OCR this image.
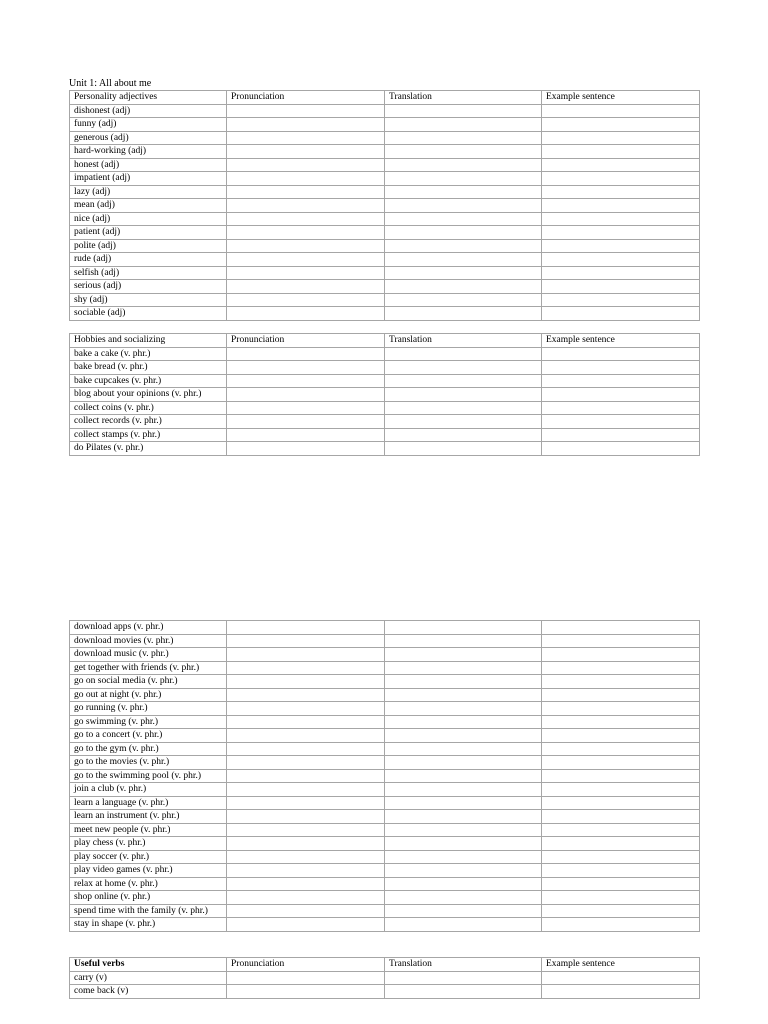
Unit 1: All about me
Personality adjectives	Pronunciation	Translation	Example sentence
dishonest (adj)			
funny (adj)			
generous (adj)			
hard-working (adj)			
honest (adj)			
impatient (adj)			
lazy (adj)			
mean (adj)			
nice (adj)			
patient (adj)			
polite (adj)			
rude (adj)			
selfish (adj)			
serious (adj)			
shy (adj)			
sociable (adj)			
Hobbies and socializing	Pronunciation	Translation	Example sentence
bake a cake (v. phr.)			
bake bread (v. phr.)			
bake cupcakes (v. phr.)			
blog about your opinions (v. phr.)			
collect coins (v. phr.)			
collect records (v. phr.)			
collect stamps (v. phr.)			
do Pilates (v. phr.)			
download apps (v. phr.)			
download movies (v. phr.)			
download music (v. phr.)			
get together with friends (v. phr.)			
go on social media (v. phr.)			
go out at night (v. phr.)			
go running (v. phr.)			
go swimming (v. phr.)			
go to a concert (v. phr.)			
go to the gym (v. phr.)			
go to the movies (v. phr.)			
go to the swimming pool (v. phr.)			
join a club (v. phr.)			
learn a language (v. phr.)			
learn an instrument (v. phr.)			
meet new people (v. phr.)			
play chess (v. phr.)			
play soccer (v. phr.)			
play video games (v. phr.)			
relax at home (v. phr.)			
shop online (v. phr.)			
spend time with the family (v. phr.)			
stay in shape (v. phr.)			
Useful verbs	Pronunciation	Translation	Example sentence
carry (v)			
come back (v)			
